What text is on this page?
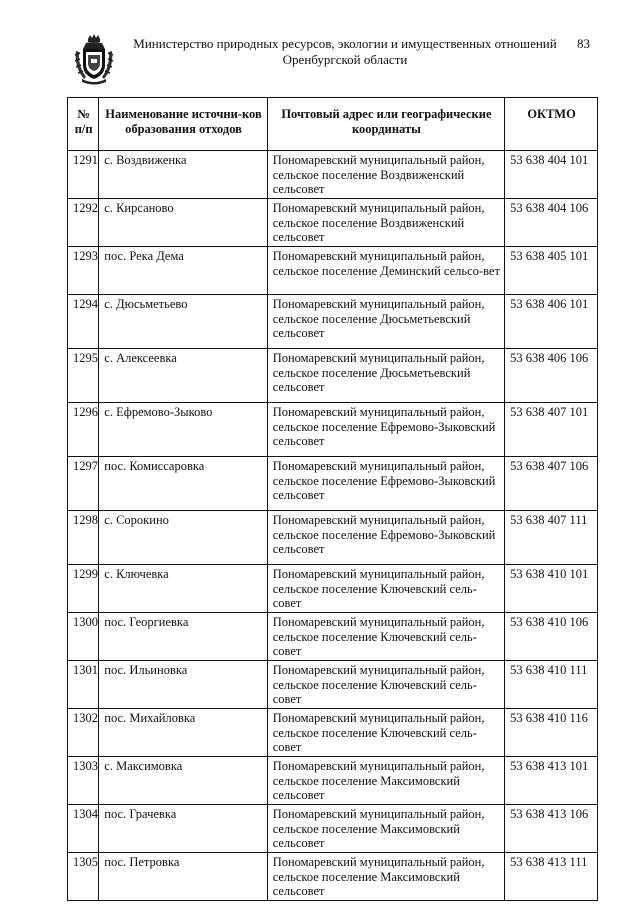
Министерство природных ресурсов, экологии и имущественных отношений
Оренбургской области
83
№ п/п	Наименование источни-ков образования отходов	Почтовый адрес или географические координаты	ОКТМО
1291	с. Воздвиженка	Пономаревский муниципальный район, сельское поселение Воздвиженский сельсовет	53 638 404 101
1292	с. Кирсаново	Пономаревский муниципальный район, сельское поселение Воздвиженский сельсовет	53 638 404 106
1293	пос. Река Дема	Пономаревский муниципальный район, сельское поселение Деминский сельсо-вет	53 638 405 101
1294	с. Дюсьметьево	Пономаревский муниципальный район, сельское поселение Дюсьметьевский сельсовет	53 638 406 101
1295	с. Алексеевка	Пономаревский муниципальный район, сельское поселение Дюсьметьевский сельсовет	53 638 406 106
1296	с. Ефремово-Зыково	Пономаревский муниципальный район, сельское поселение Ефремово-Зыковский сельсовет	53 638 407 101
1297	пос. Комиссаровка	Пономаревский муниципальный район, сельское поселение Ефремово-Зыковский сельсовет	53 638 407 106
1298	с. Сорокино	Пономаревский муниципальный район, сельское поселение Ефремово-Зыковский сельсовет	53 638 407 111
1299	с. Ключевка	Пономаревский муниципальный район, сельское поселение Ключевский сель-совет	53 638 410 101
1300	пос. Георгиевка	Пономаревский муниципальный район, сельское поселение Ключевский сель-совет	53 638 410 106
1301	пос. Ильиновка	Пономаревский муниципальный район, сельское поселение Ключевский сель-совет	53 638 410 111
1302	пос. Михайловка	Пономаревский муниципальный район, сельское поселение Ключевский сель-совет	53 638 410 116
1303	с. Максимовка	Пономаревский муниципальный район, сельское поселение Максимовский сельсовет	53 638 413 101
1304	пос. Грачевка	Пономаревский муниципальный район, сельское поселение Максимовский сельсовет	53 638 413 106
1305	пос. Петровка	Пономаревский муниципальный район, сельское поселение Максимовский сельсовет	53 638 413 111
